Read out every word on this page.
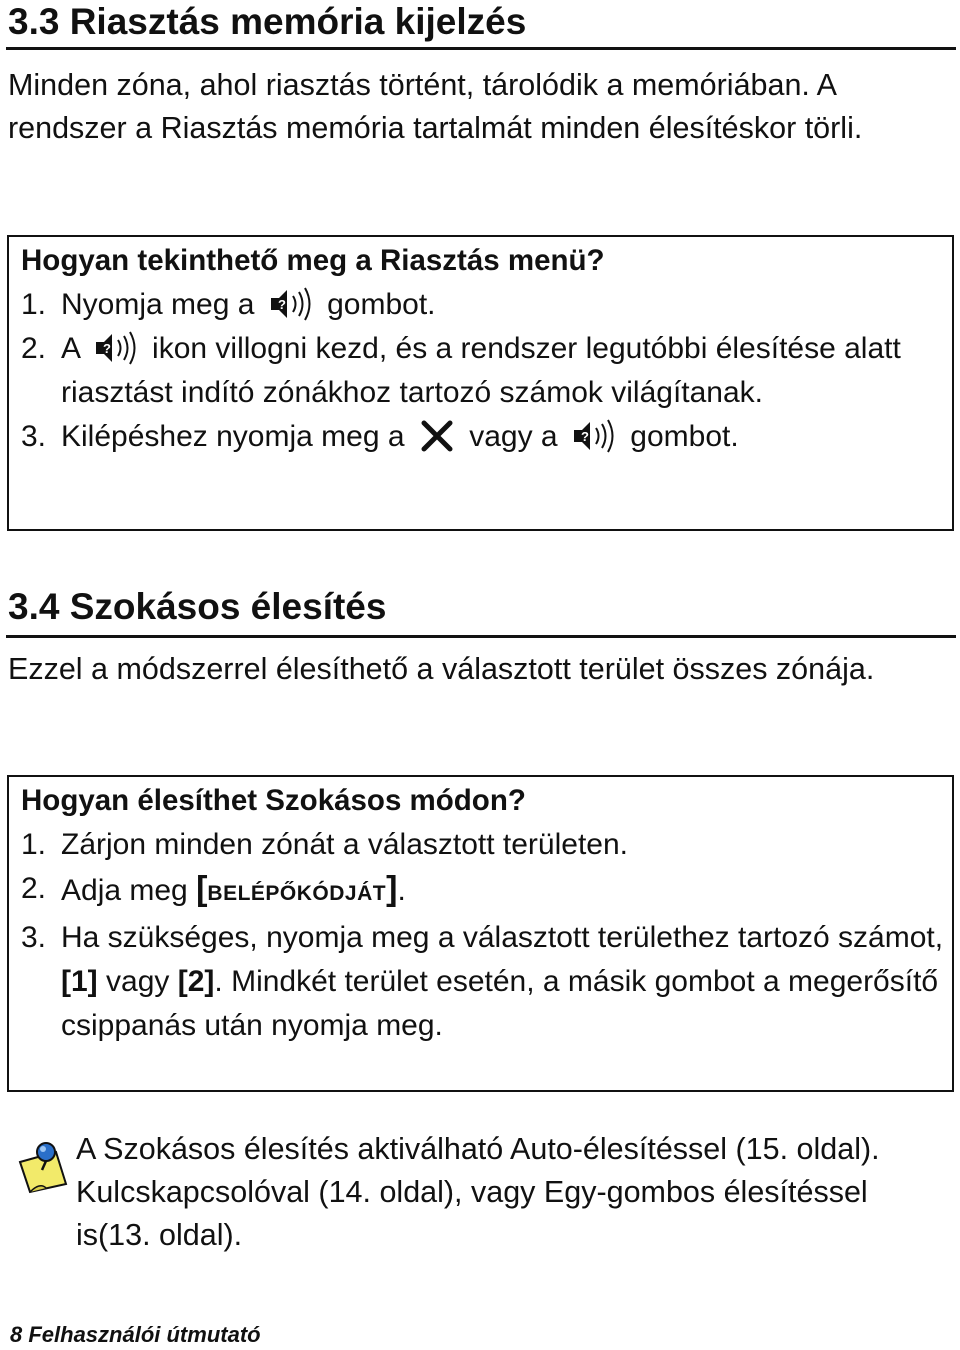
3.3 Riasztás memória kijelzés

Minden zóna, ahol riasztás történt, tárolódik a memóriában. A rendszer a Riasztás memória tartalmát minden élesítéskor törli.

Hogyan tekinthető meg a Riasztás menü?

1. Nyomja meg a ? gombot.
2. A ? ikon villogni kezd, és a rendszer legutóbbi élesítése alatt riasztást indító zónákhoz tartozó számok világítanak.
3. Kilépéshez nyomja meg a vagy a ? gombot.
3.4 Szokásos élesítés

Ezzel a módszerrel élesíthető a választott terület összes zónája.

Hogyan élesíthet Szokásos módon?

1. Zárjon minden zónát a választott területen.
2. Adja meg [BELÉPŐKÓDJÁT].
3. Ha szükséges, nyomja meg a választott területhez tartozó számot, [1] vagy [2]. Mindkét terület esetén, a másik gombot a megerősítő csippanás után nyomja meg.

A Szokásos élesítés aktiválható Auto-élesítéssel (15. oldal). Kulcskapcsolóval (14. oldal), vagy Egy-gombos élesítéssel is(13. oldal).

8 Felhasználói útmutató
